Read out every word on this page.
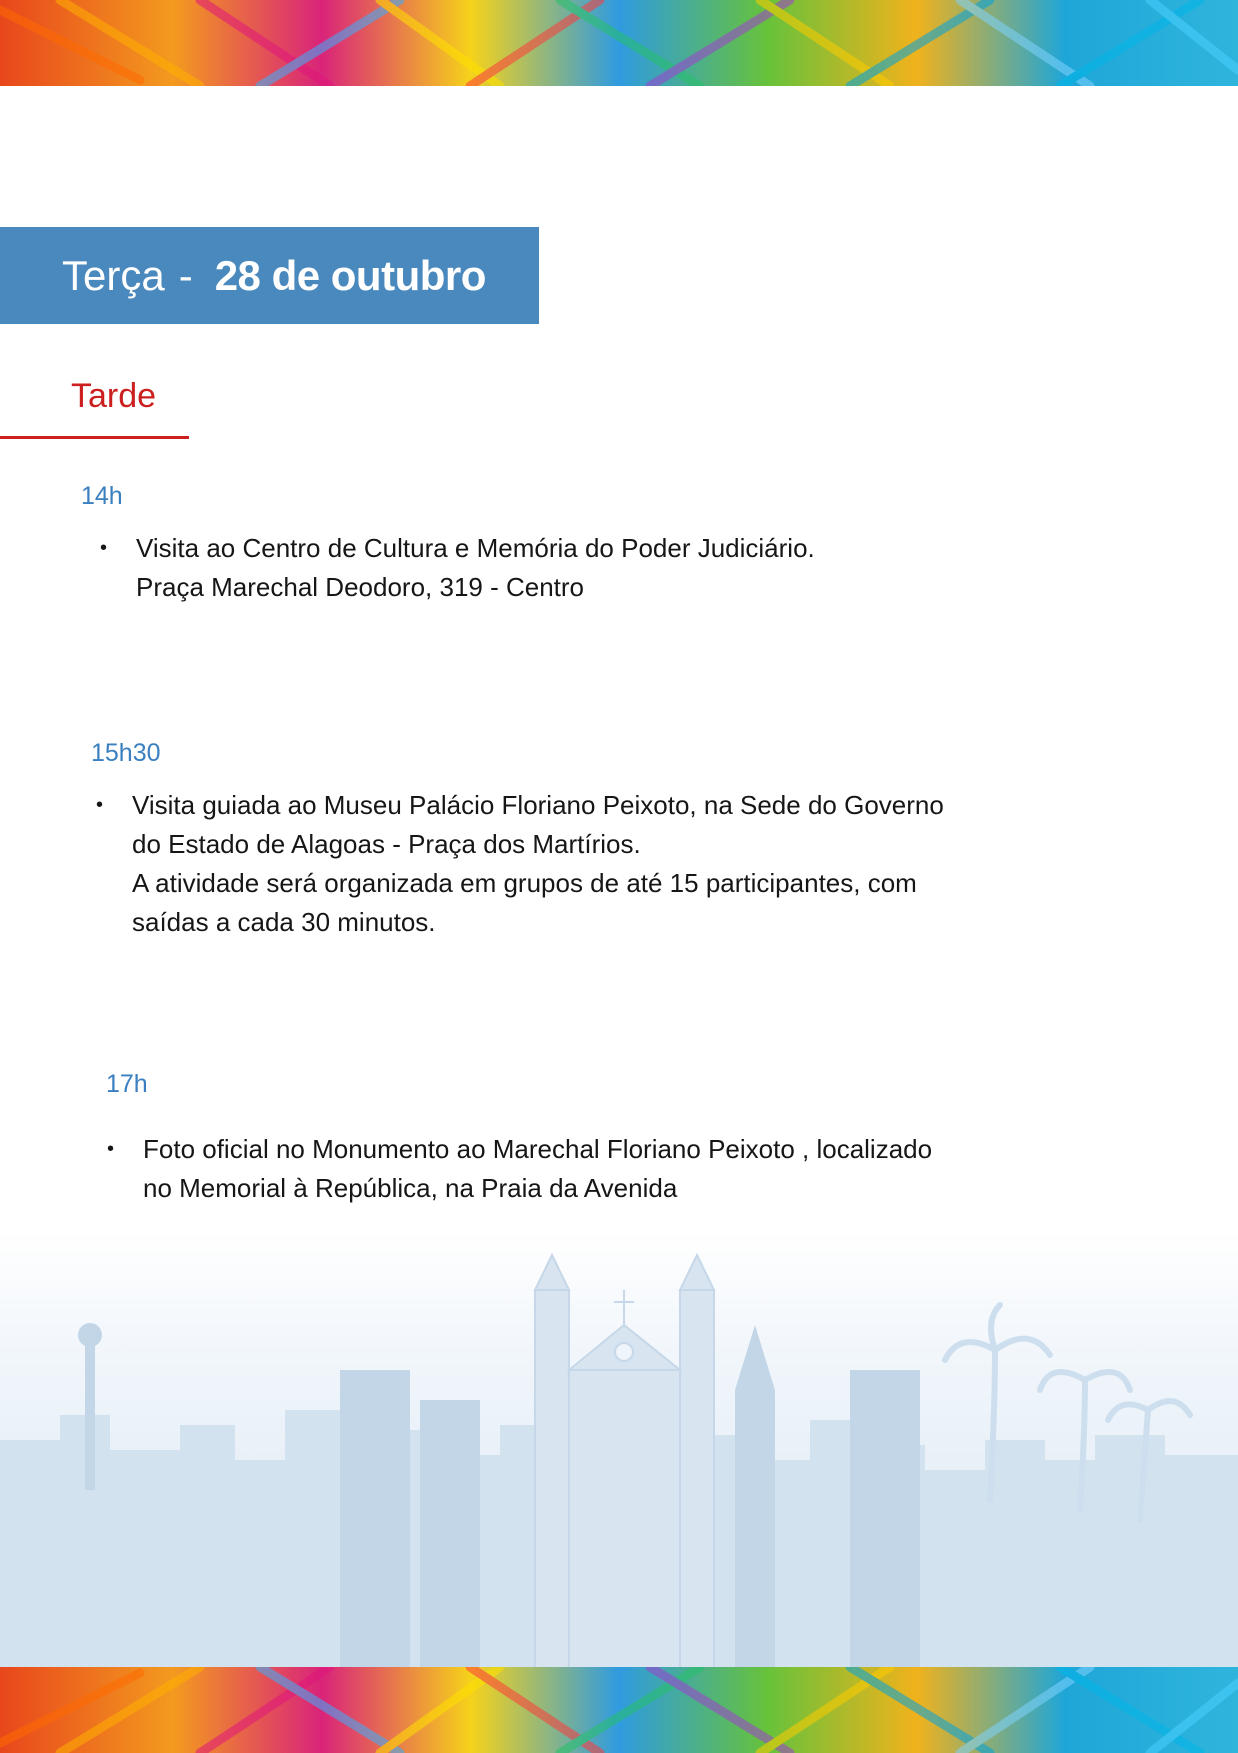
Terça - 28 de outubro
Tarde
14h
• Visita ao Centro de Cultura e Memória do Poder Judiciário.
Praça Marechal Deodoro, 319 - Centro
15h30
• Visita guiada ao Museu Palácio Floriano Peixoto, na Sede do Governo
do Estado de Alagoas - Praça dos Martírios.
A atividade será organizada em grupos de até 15 participantes, com
saídas a cada 30 minutos.
17h
• Foto oficial no Monumento ao Marechal Floriano Peixoto , localizado
no Memorial à República, na Praia da Avenida
